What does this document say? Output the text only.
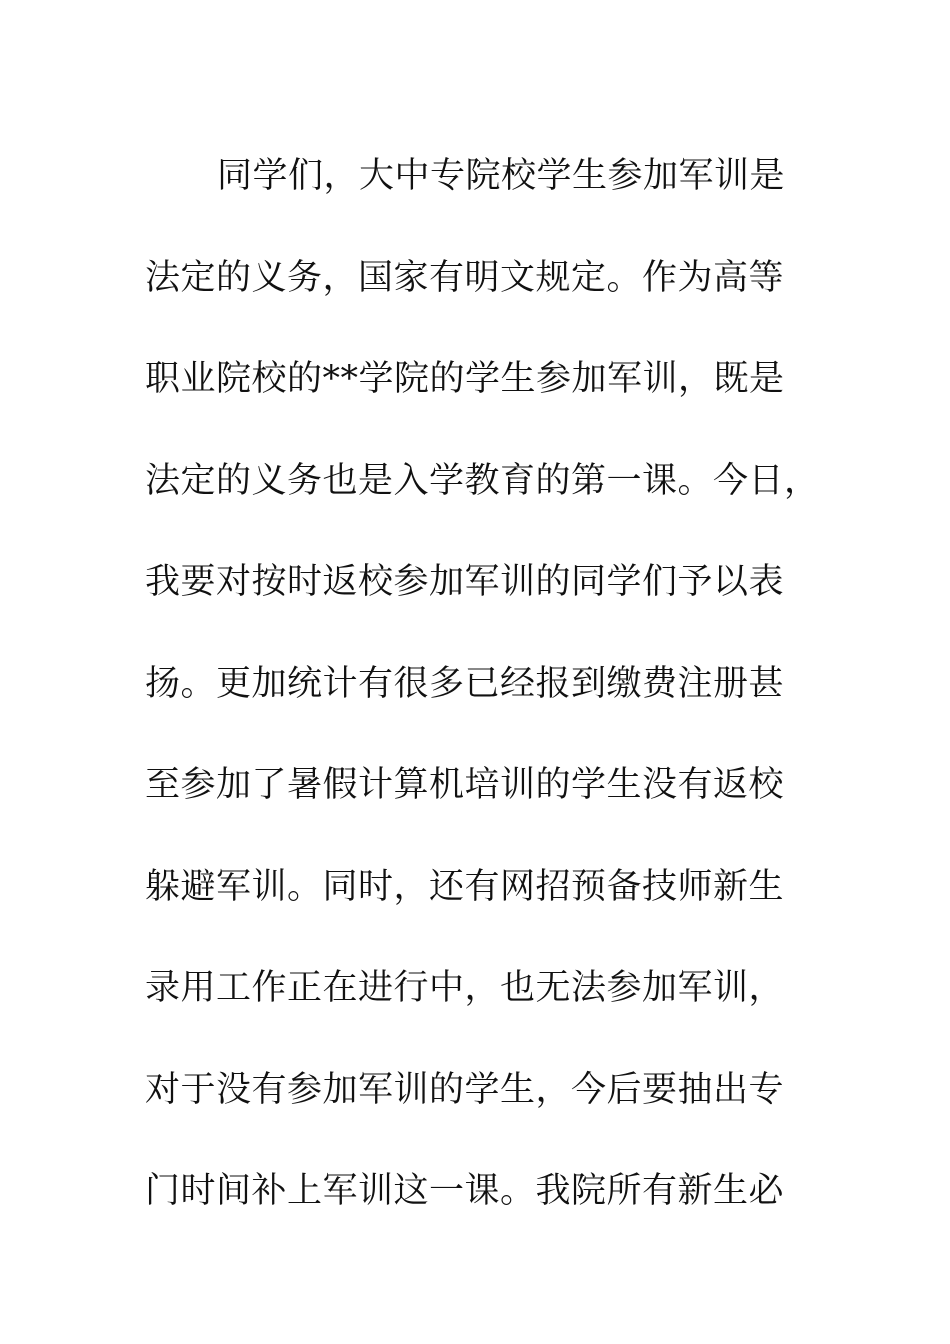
同学们，大中专院校学生参加军训是
法定的义务，国家有明文规定。作为高等
职业院校的**学院的学生参加军训，既是
法定的义务也是入学教育的第一课。今日，
我要对按时返校参加军训的同学们予以表
扬。更加统计有很多已经报到缴费注册甚
至参加了暑假计算机培训的学生没有返校
躲避军训。同时，还有网招预备技师新生
录用工作正在进行中，也无法参加军训，
对于没有参加军训的学生，今后要抽出专
门时间补上军训这一课。我院所有新生必
